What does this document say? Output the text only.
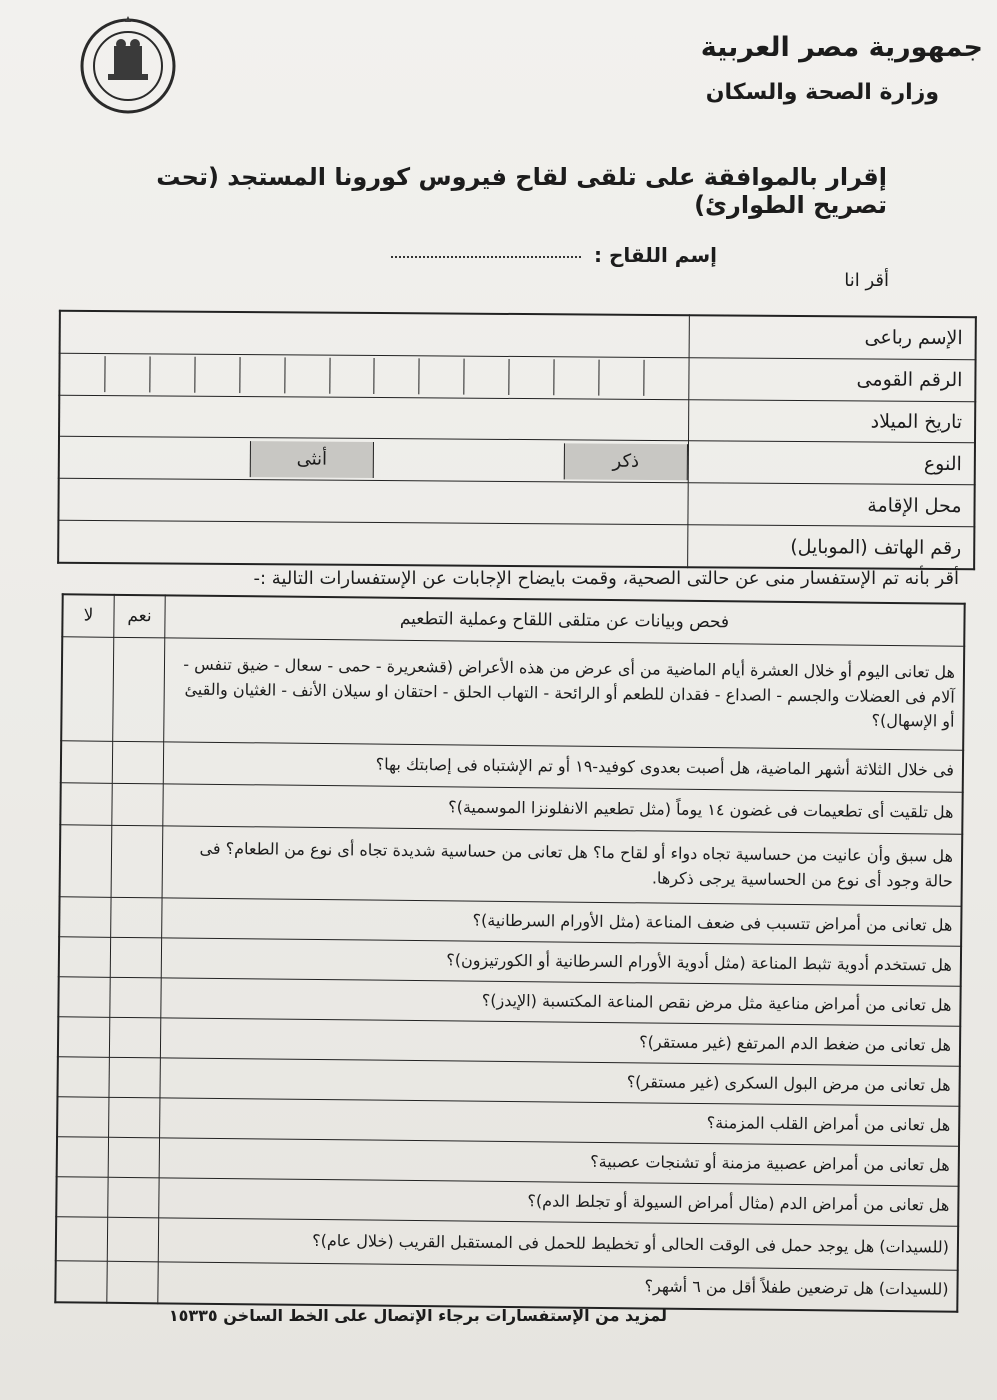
جمهورية مصر العربية
وزارة الصحة والسكان
إقرار بالموافقة على تلقى لقاح فيروس كورونا المستجد (تحت تصريح الطوارئ)
إسم اللقاح :
أقر انا
	الإسم رباعى

	الرقم القومى
	تاريخ الميلاد

أنثى ذكر	النوع
	محل الإقامة
	رقم الهاتف (الموبايل)
أقر بأنه تم الإستفسار منى عن حالتى الصحية، وقمت بايضاح الإجابات عن الإستفسارات التالية :-
لا	نعم	فحص وبيانات عن متلقى اللقاح وعملية التطعيم
		هل تعانى اليوم أو خلال العشرة أيام الماضية من أى عرض من هذه الأعراض (قشعريرة - حمى - سعال - ضيق تنفس - آلام فى العضلات والجسم - الصداع - فقدان للطعم أو الرائحة - التهاب الحلق - احتقان او سيلان الأنف - الغثيان والقيئ أو الإسهال)؟
		فى خلال الثلاثة أشهر الماضية، هل أصبت بعدوى كوفيد-١٩ أو تم الإشتباه فى إصابتك بها؟
		هل تلقيت أى تطعيمات فى غضون ١٤ يوماً (مثل تطعيم الانفلونزا الموسمية)؟
		هل سبق وأن عانيت من حساسية تجاه دواء أو لقاح ما؟ هل تعانى من حساسية شديدة تجاه أى نوع من الطعام؟ فى حالة وجود أى نوع من الحساسية يرجى ذكرها.
		هل تعانى من أمراض تتسبب فى ضعف المناعة (مثل الأورام السرطانية)؟
		هل تستخدم أدوية تثبط المناعة (مثل أدوية الأورام السرطانية أو الكورتيزون)؟
		هل تعانى من أمراض مناعية مثل مرض نقص المناعة المكتسبة (الإيدز)؟
		هل تعانى من ضغط الدم المرتفع (غير مستقر)؟
		هل تعانى من مرض البول السكرى (غير مستقر)؟
		هل تعانى من أمراض القلب المزمنة؟
		هل تعانى من أمراض عصبية مزمنة أو تشنجات عصبية؟
		هل تعانى من أمراض الدم (مثال أمراض السيولة أو تجلط الدم)؟
		(للسيدات) هل يوجد حمل فى الوقت الحالى أو تخطيط للحمل فى المستقبل القريب (خلال عام)؟
		(للسيدات) هل ترضعين طفلاً أقل من ٦ أشهر؟
لمزيد من الإستفسارات برجاء الإتصال على الخط الساخن ١٥٣٣٥
